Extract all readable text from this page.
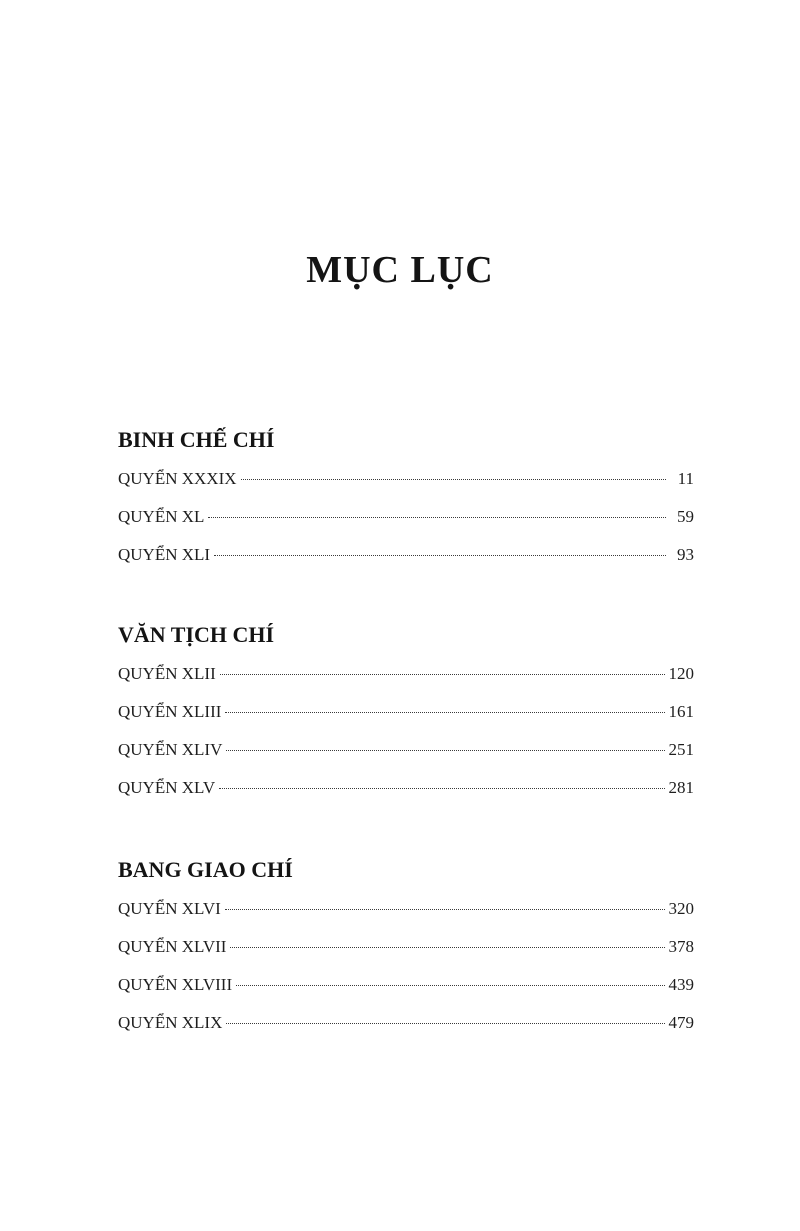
MỤC LỤC
BINH CHẾ CHÍ
QUYỂN XXXIX	11
QUYỂN XL	59
QUYỂN XLI	93
VĂN TỊCH CHÍ
QUYỂN XLII	120
QUYỂN XLIII	161
QUYỂN XLIV	251
QUYỂN XLV	281
BANG GIAO CHÍ
QUYỂN XLVI	320
QUYỂN XLVII	378
QUYỂN XLVIII	439
QUYỂN XLIX	479
